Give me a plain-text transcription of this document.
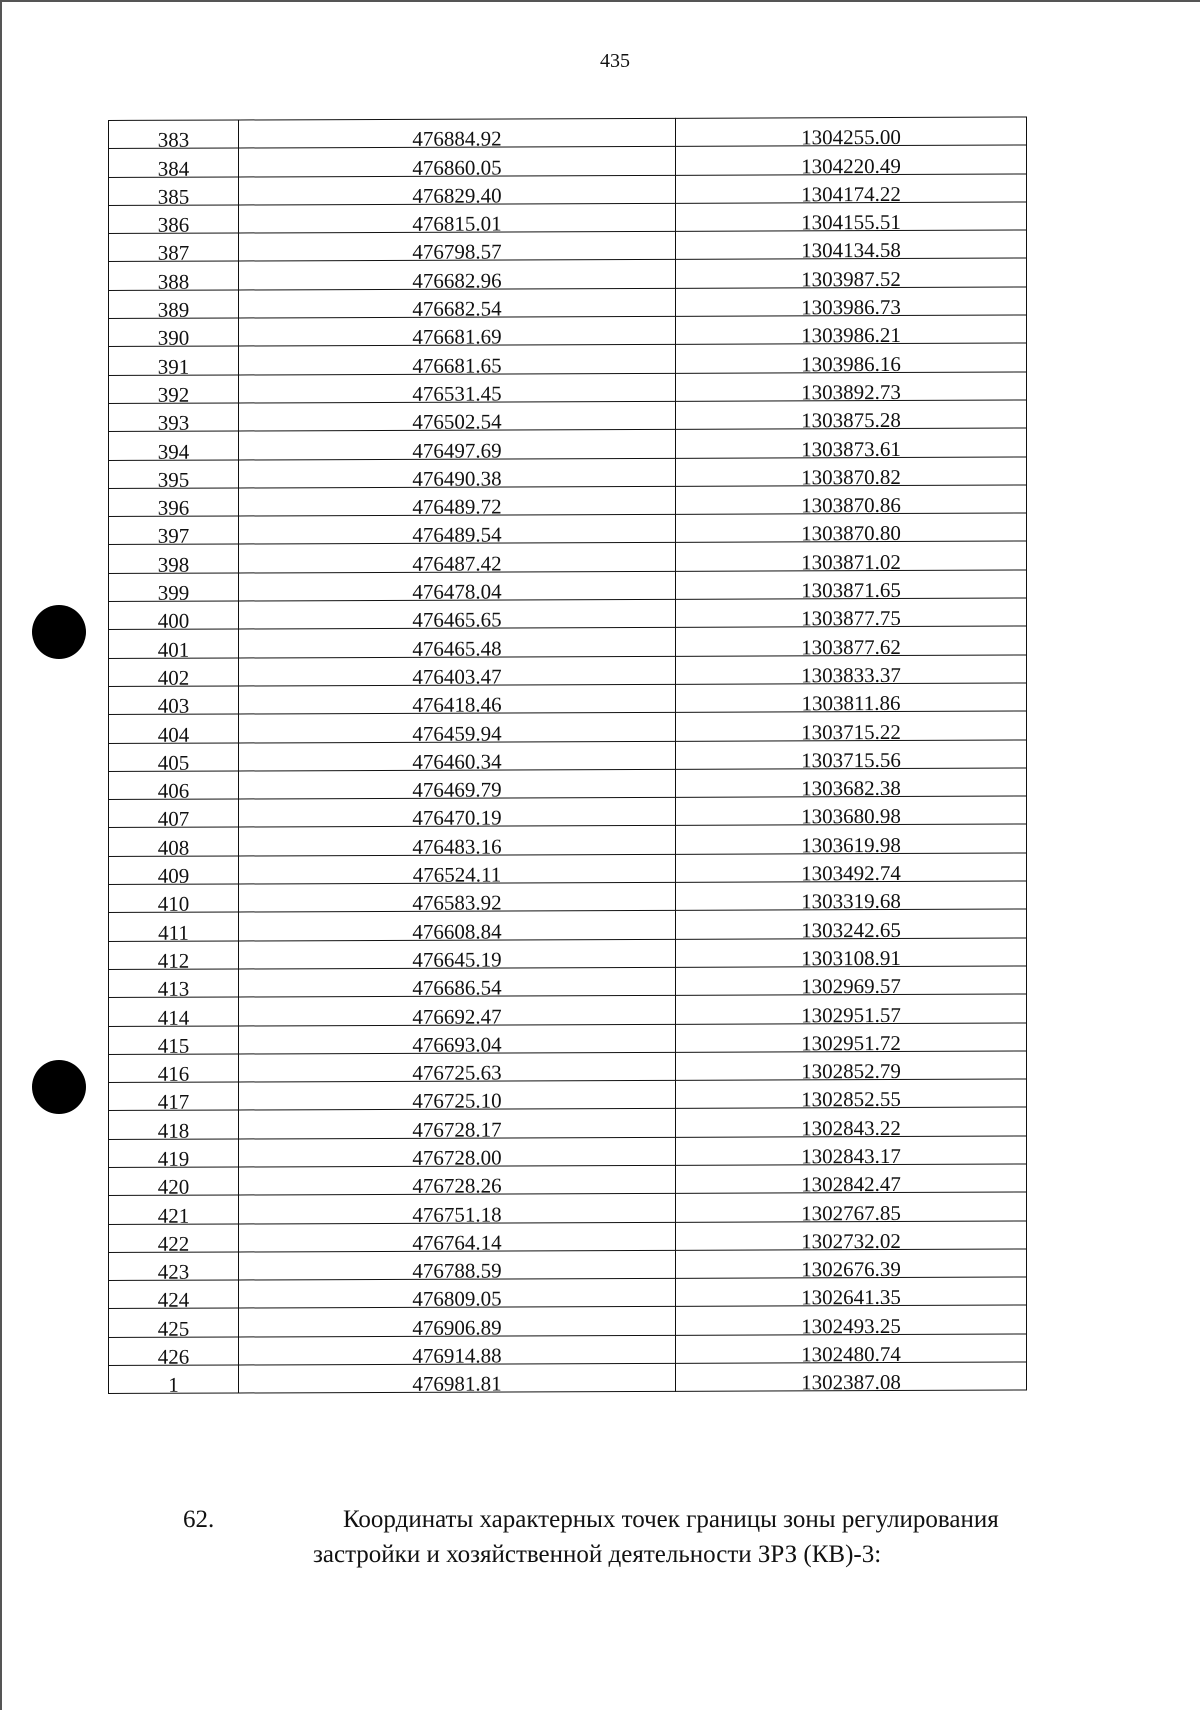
435
383	476884.92	1304255.00

384	476860.05	1304220.49

385	476829.40	1304174.22

386	476815.01	1304155.51

387	476798.57	1304134.58

388	476682.96	1303987.52

389	476682.54	1303986.73

390	476681.69	1303986.21

391	476681.65	1303986.16

392	476531.45	1303892.73

393	476502.54	1303875.28

394	476497.69	1303873.61

395	476490.38	1303870.82

396	476489.72	1303870.86

397	476489.54	1303870.80

398	476487.42	1303871.02

399	476478.04	1303871.65

400	476465.65	1303877.75

401	476465.48	1303877.62

402	476403.47	1303833.37

403	476418.46	1303811.86

404	476459.94	1303715.22

405	476460.34	1303715.56

406	476469.79	1303682.38

407	476470.19	1303680.98

408	476483.16	1303619.98

409	476524.11	1303492.74

410	476583.92	1303319.68

411	476608.84	1303242.65

412	476645.19	1303108.91

413	476686.54	1302969.57

414	476692.47	1302951.57

415	476693.04	1302951.72

416	476725.63	1302852.79

417	476725.10	1302852.55

418	476728.17	1302843.22

419	476728.00	1302843.17

420	476728.26	1302842.47

421	476751.18	1302767.85

422	476764.14	1302732.02

423	476788.59	1302676.39

424	476809.05	1302641.35

425	476906.89	1302493.25

426	476914.88	1302480.74

1	476981.81	1302387.08
62.	Координаты характерных точек границы зоны регулирования
застройки и хозяйственной деятельности ЗРЗ (КВ)-3:
